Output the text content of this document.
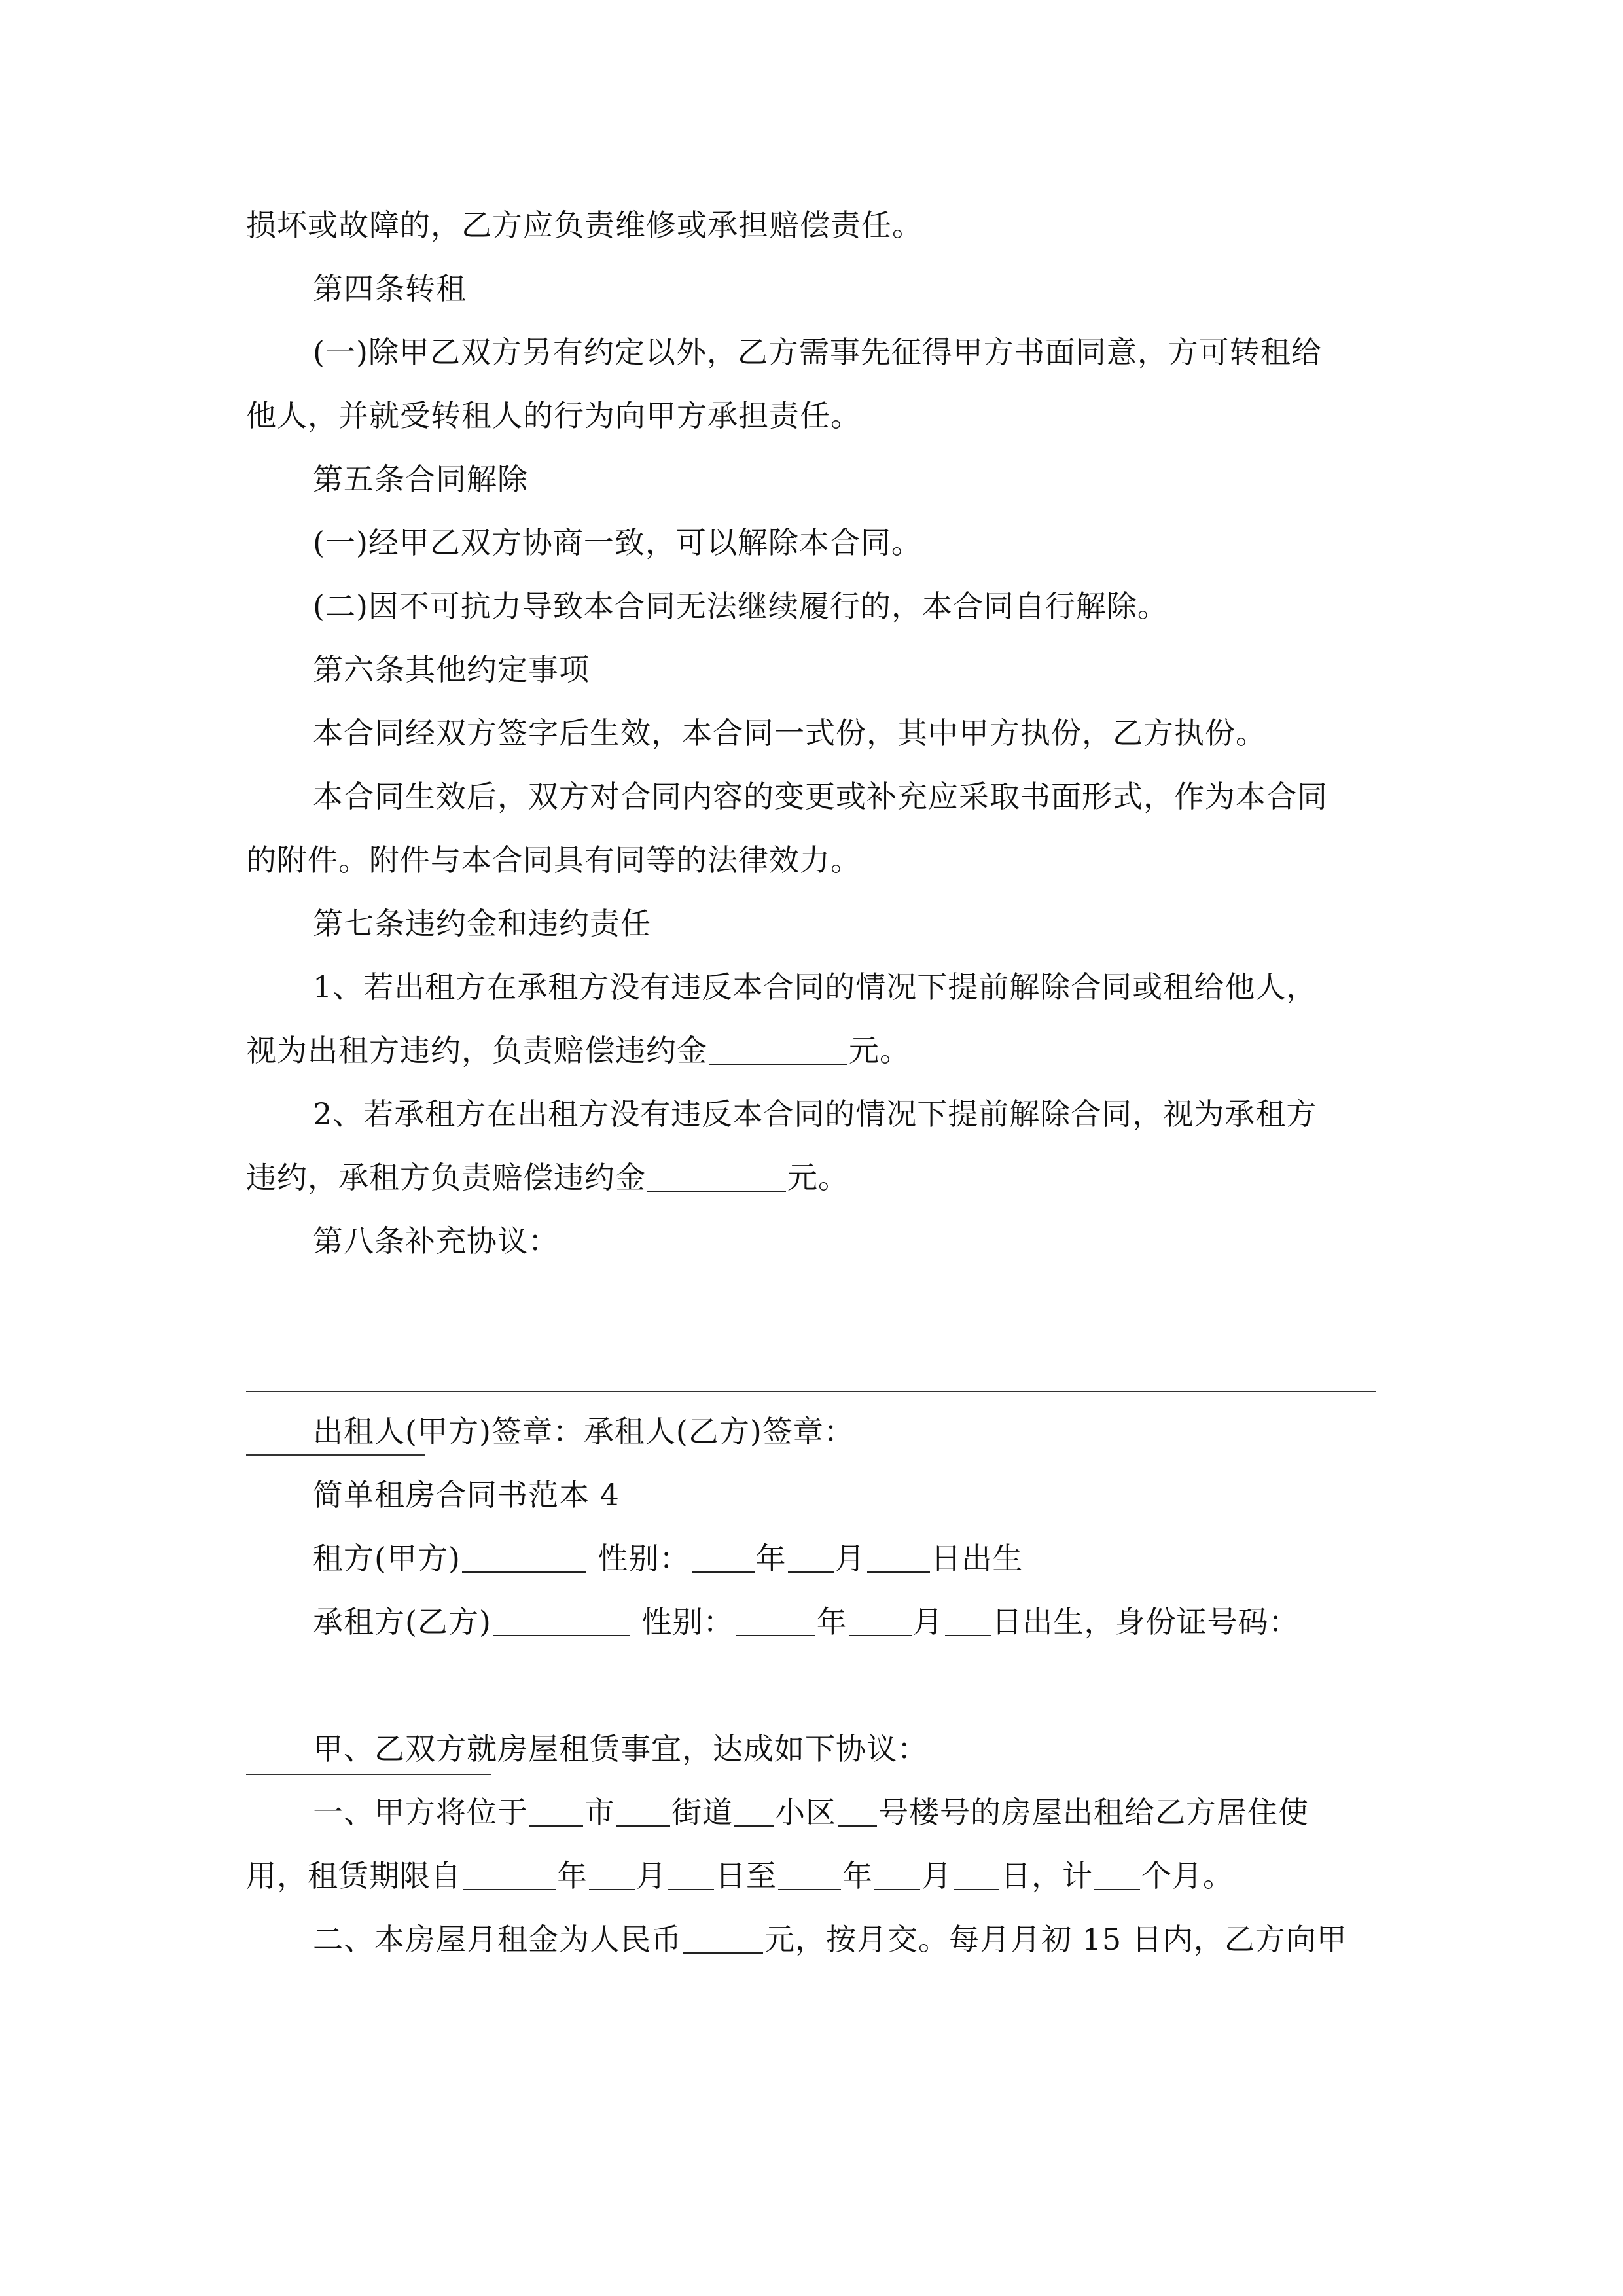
损坏或故障的，乙方应负责维修或承担赔偿责任。
第四条转租
(一)除甲乙双方另有约定以外，乙方需事先征得甲方书面同意，方可转租给
他人，并就受转租人的行为向甲方承担责任。
第五条合同解除
(一)经甲乙双方协商一致，可以解除本合同。
(二)因不可抗力导致本合同无法继续履行的，本合同自行解除。
第六条其他约定事项
本合同经双方签字后生效，本合同一式份，其中甲方执份，乙方执份。
本合同生效后，双方对合同内容的变更或补充应采取书面形式，作为本合同
的附件。附件与本合同具有同等的法律效力。
第七条违约金和违约责任
1、若出租方在承租方没有违反本合同的情况下提前解除合同或租给他人，
视为出租方违约，负责赔偿违约金	元。
2、若承租方在出租方没有违反本合同的情况下提前解除合同，视为承租方
违约，承租方负责赔偿违约金	元。
第八条补充协议：
出租人(甲方)签章：承租人(乙方)签章：
简单租房合同书范本 4
租方(甲方)	性别： 年 月 日出生
承租方(乙方)	性别：	年 月 日出生，身份证号码：
甲、乙双方就房屋租赁事宜，达成如下协议：
一、甲方将位于 市 街道 小区 号楼号的房屋出租给乙方居住使
用，租赁期限自	年 月 日至 年 月 日，计 个月。
二、本房屋月租金为人民币	元，按月交。每月月初 15 日内，乙方向甲
